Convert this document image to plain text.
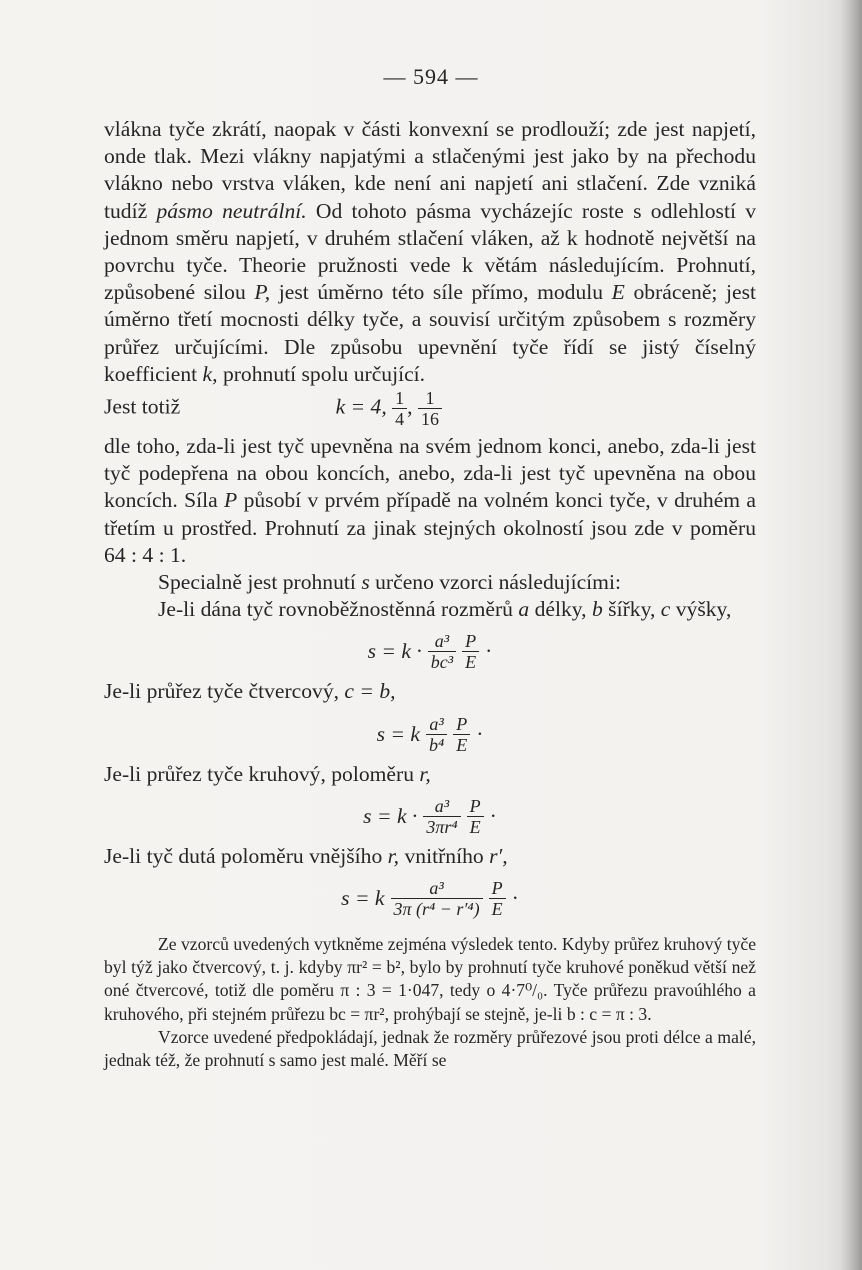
— 594 —

vlákna tyče zkrátí, naopak v části konvexní se prodlouží; zde jest napjetí, onde tlak. Mezi vlákny napjatými a stlačenými jest jako by na přechodu vlákno nebo vrstva vláken, kde není ani napjetí ani stlačení. Zde vzniká tudíž pásmo neutrální. Od tohoto pásma vycházejíc roste s odlehlostí v jednom směru napjetí, v druhém stlačení vláken, až k hodnotě největší na povrchu tyče. Theorie pružnosti vede k větám následujícím. Prohnutí, způsobené silou P, jest úměrno této síle přímo, modulu E obráceně; jest úměrno třetí mocnosti délky tyče, a souvisí určitým způsobem s rozměry průřez určujícími. Dle způsobu upevnění tyče řídí se jistý číselný koefficient k, prohnutí spolu určující.

Jest totiž	k = 4, $\frac{1}{4}$ , $\frac{1}{16}$

dle toho, zda-li jest tyč upevněna na svém jednom konci, anebo, zda-li jest tyč podepřena na obou koncích, anebo, zda-li jest tyč upevněna na obou koncích. Síla P působí v prvém případě na volném konci tyče, v druhém a třetím u prostřed. Prohnutí za jinak stejných okolností jsou zde v poměru 64 : 4 : 1.

Specialně jest prohnutí s určeno vzorci následujícími:

Je-li dána tyč rovnoběžnostěnná rozměrů a délky, b šířky, c výšky,

$s = k \cdot \frac{\text{a³}}{\text{bc³}} \frac{P}{E}$ ·

Je-li průřez tyče čtvercový, c = b,

s = k $\frac{\text{a³}}{\text{b⁴}} \frac{P}{E}$ ·

Je-li průřez tyče kruhový, poloměru r,

$s = k \cdot \frac{\text{a³}}{\text{3πr⁴}} \frac{P}{E}$ ·

Je-li tyč dutá poloměru vnějšího r, vnitřního r′,

s = k $\frac{\text{a³}}{\text{3π (r⁴ − r′⁴)}} \frac{P}{E}$ ·

Ze vzorců uvedených vytkněme zejména výsledek tento. Kdyby průřez kruhový tyče byl týž jako čtvercový, t. j. kdyby πr² = b², bylo by prohnutí tyče kruhové poněkud větší než oné čtvercové, totiž dle poměru π : 3 = 1·047, tedy o 4·7⁰/₀. Tyče průřezu pravoúhlého a kruhového, při stejném průřezu bc = πr², prohýbají se stejně, je-li b : c = π : 3.

Vzorce uvedené předpokládají, jednak že rozměry průřezové jsou proti délce a malé, jednak též, že prohnutí s samo jest malé. Měří se
